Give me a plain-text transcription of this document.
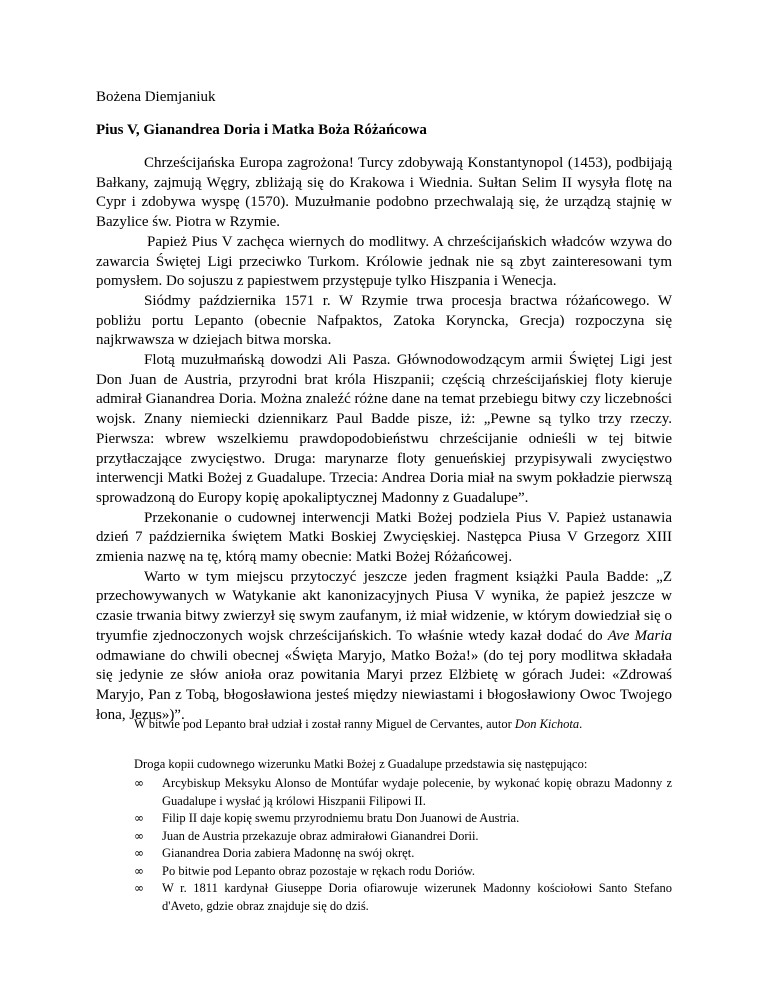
Bożena Diemjaniuk
Pius V, Gianandrea Doria i Matka Boża Różańcowa

Chrześcijańska Europa zagrożona! Turcy zdobywają Konstantynopol (1453), podbijają Bałkany, zajmują Węgry, zbliżają się do Krakowa i Wiednia. Sułtan Selim II wysyła flotę na Cypr i zdobywa wyspę (1570). Muzułmanie podobno przechwalają się, że urządzą stajnię w Bazylice św. Piotra w Rzymie.

Papież Pius V zachęca wiernych do modlitwy. A chrześcijańskich władców wzywa do zawarcia Świętej Ligi przeciwko Turkom. Królowie jednak nie są zbyt zainteresowani tym pomysłem. Do sojuszu z papiestwem przystępuje tylko Hiszpania i Wenecja.

Siódmy października 1571 r. W Rzymie trwa procesja bractwa różańcowego. W pobliżu portu Lepanto (obecnie Nafpaktos, Zatoka Koryncka, Grecja) rozpoczyna się najkrwawsza w dziejach bitwa morska.

Flotą muzułmańską dowodzi Ali Pasza. Głównodowodzącym armii Świętej Ligi jest Don Juan de Austria, przyrodni brat króla Hiszpanii; częścią chrześcijańskiej floty kieruje admirał Gianandrea Doria. Można znaleźć różne dane na temat przebiegu bitwy czy liczebności wojsk. Znany niemiecki dziennikarz Paul Badde pisze, iż: „Pewne są tylko trzy rzeczy. Pierwsza: wbrew wszelkiemu prawdopodobieństwu chrześcijanie odnieśli w tej bitwie przytłaczające zwycięstwo. Druga: marynarze floty genueńskiej przypisywali zwycięstwo interwencji Matki Bożej z Guadalupe. Trzecia: Andrea Doria miał na swym pokładzie pierwszą sprowadzoną do Europy kopię apokaliptycznej Madonny z Guadalupe”.

Przekonanie o cudownej interwencji Matki Bożej podziela Pius V. Papież ustanawia dzień 7 października świętem Matki Boskiej Zwycięskiej. Następca Piusa V Grzegorz XIII zmienia nazwę na tę, którą mamy obecnie: Matki Bożej Różańcowej.

Warto w tym miejscu przytoczyć jeszcze jeden fragment książki Paula Badde: „Z przechowywanych w Watykanie akt kanonizacyjnych Piusa V wynika, że papież jeszcze w czasie trwania bitwy zwierzył się swym zaufanym, iż miał widzenie, w którym dowiedział się o tryumfie zjednoczonych wojsk chrześcijańskich. To właśnie wtedy kazał dodać do Ave Maria odmawiane do chwili obecnej «Święta Maryjo, Matko Boża!» (do tej pory modlitwa składała się jedynie ze słów anioła oraz powitania Maryi przez Elżbietę w górach Judei: «Zdrowaś Maryjo, Pan z Tobą, błogosławiona jesteś między niewiastami i błogosławiony Owoc Twojego łona, Jezus»)”.

W bitwie pod Lepanto brał udział i został ranny Miguel de Cervantes, autor Don Kichota.
Droga kopii cudownego wizerunku Matki Bożej z Guadalupe przedstawia się następująco:
∞ Arcybiskup Meksyku Alonso de Montúfar wydaje polecenie, by wykonać kopię obrazu Madonny z Guadalupe i wysłać ją królowi Hiszpanii Filipowi II.
∞ Filip II daje kopię swemu przyrodniemu bratu Don Juanowi de Austria.
∞ Juan de Austria przekazuje obraz admirałowi Gianandrei Dorii.
∞ Gianandrea Doria zabiera Madonnę na swój okręt.
∞ Po bitwie pod Lepanto obraz pozostaje w rękach rodu Doriów.
∞ W r. 1811 kardynał Giuseppe Doria ofiarowuje wizerunek Madonny kościołowi Santo Stefano d'Aveto, gdzie obraz znajduje się do dziś.
